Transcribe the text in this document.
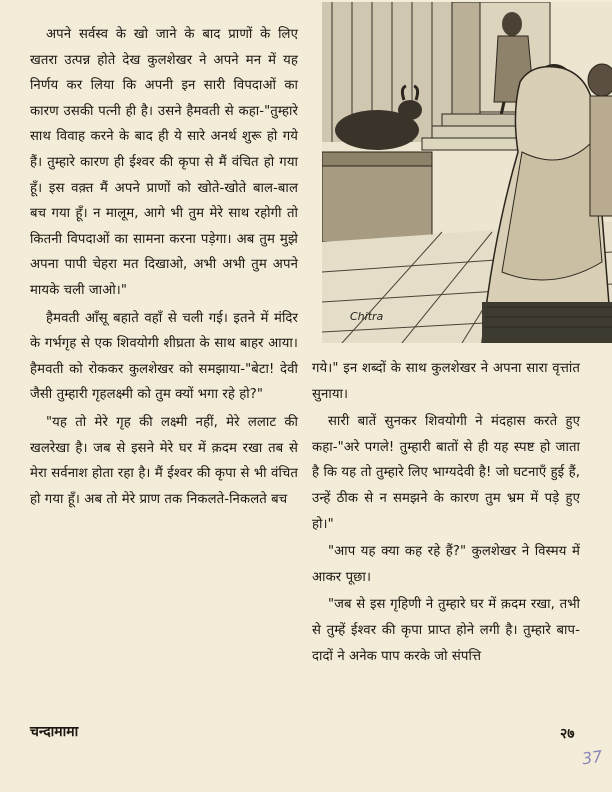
अपने सर्वस्व के खो जाने के बाद प्राणों के लिए खतरा उत्पन्न होते देख कुलशेखर ने अपने मन में यह निर्णय कर लिया कि अपनी इन सारी विपदाओं का कारण उसकी पत्नी ही है। उसने हैमवती से कहा-"तुम्हारे साथ विवाह करने के बाद ही ये सारे अनर्थ शुरू हो गये हैं। तुम्हारे कारण ही ईश्वर की कृपा से मैं वंचित हो गया हूँ। इस वक़्त मैं अपने प्राणों को खोते-खोते बाल-बाल बच गया हूँ। न मालूम, आगे भी तुम मेरे साथ रहोगी तो कितनी विपदाओं का सामना करना पड़ेगा। अब तुम मुझे अपना पापी चेहरा मत दिखाओ, अभी अभी तुम अपने मायके चली जाओ।"

हैमवती आँसू बहाते वहाँ से चली गई। इतने में मंदिर के गर्भगृह से एक शिवयोगी शीघ्रता के साथ बाहर आया। हैमवती को रोककर कुलशेखर को समझाया-"बेटा! देवी जैसी तुम्हारी गृहलक्ष्मी को तुम क्यों भगा रहे हो?"

"यह तो मेरे गृह की लक्ष्मी नहीं, मेरे ललाट की खलरेखा है। जब से इसने मेरे घर में क़दम रखा तब से मेरा सर्वनाश होता रहा है। मैं ईश्वर की कृपा से भी वंचित हो गया हूँ। अब तो मेरे प्राण तक निकलते-निकलते बच

Chitra

गये।" इन शब्दों के साथ कुलशेखर ने अपना सारा वृत्तांत सुनाया।

सारी बातें सुनकर शिवयोगी ने मंदहास करते हुए कहा-"अरे पगले! तुम्हारी बातों से ही यह स्पष्ट हो जाता है कि यह तो तुम्हारे लिए भाग्यदेवी है! जो घटनाएँ हुई हैं, उन्हें ठीक से न समझने के कारण तुम भ्रम में पड़े हुए हो।"

"आप यह क्या कह रहे हैं?" कुलशेखर ने विस्मय में आकर पूछा।

"जब से इस गृहिणी ने तुम्हारे घर में क़दम रखा, तभी से तुम्हें ईश्वर की कृपा प्राप्त होने लगी है। तुम्हारे बाप-दादों ने अनेक पाप करके जो संपत्ति

चन्दामामा	२७
37
